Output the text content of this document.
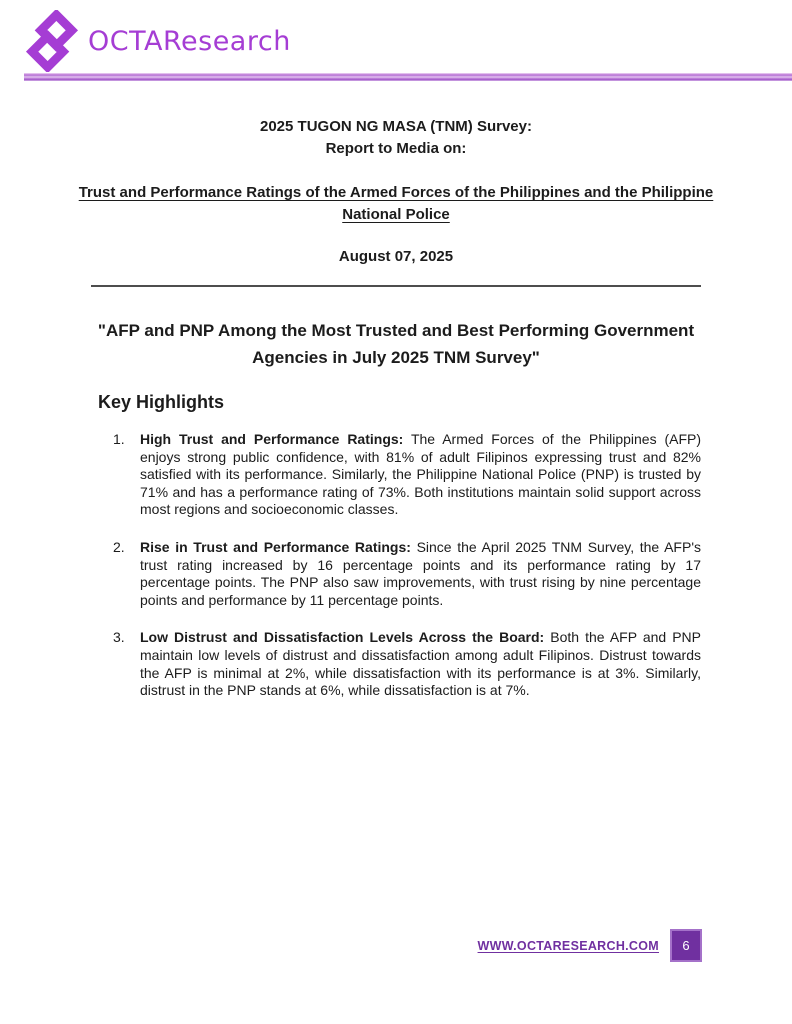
OCTAResearch
2025 TUGON NG MASA (TNM) Survey:
Report to Media on:
Trust and Performance Ratings of the Armed Forces of the Philippines and the Philippine National Police
August 07, 2025
"AFP and PNP Among the Most Trusted and Best Performing Government Agencies in July 2025 TNM Survey"
Key Highlights
1.	High Trust and Performance Ratings: The Armed Forces of the Philippines (AFP) enjoys strong public confidence, with 81% of adult Filipinos expressing trust and 82% satisfied with its performance. Similarly, the Philippine National Police (PNP) is trusted by 71% and has a performance rating of 73%. Both institutions maintain solid support across most regions and socioeconomic classes.

2.	Rise in Trust and Performance Ratings: Since the April 2025 TNM Survey, the AFP's trust rating increased by 16 percentage points and its performance rating by 17 percentage points. The PNP also saw improvements, with trust rising by nine percentage points and performance by 11 percentage points.

3.	Low Distrust and Dissatisfaction Levels Across the Board: Both the AFP and PNP maintain low levels of distrust and dissatisfaction among adult Filipinos. Distrust towards the AFP is minimal at 2%, while dissatisfaction with its performance is at 3%. Similarly, distrust in the PNP stands at 6%, while dissatisfaction is at 7%.

WWW.OCTARESEARCH.COM 6
